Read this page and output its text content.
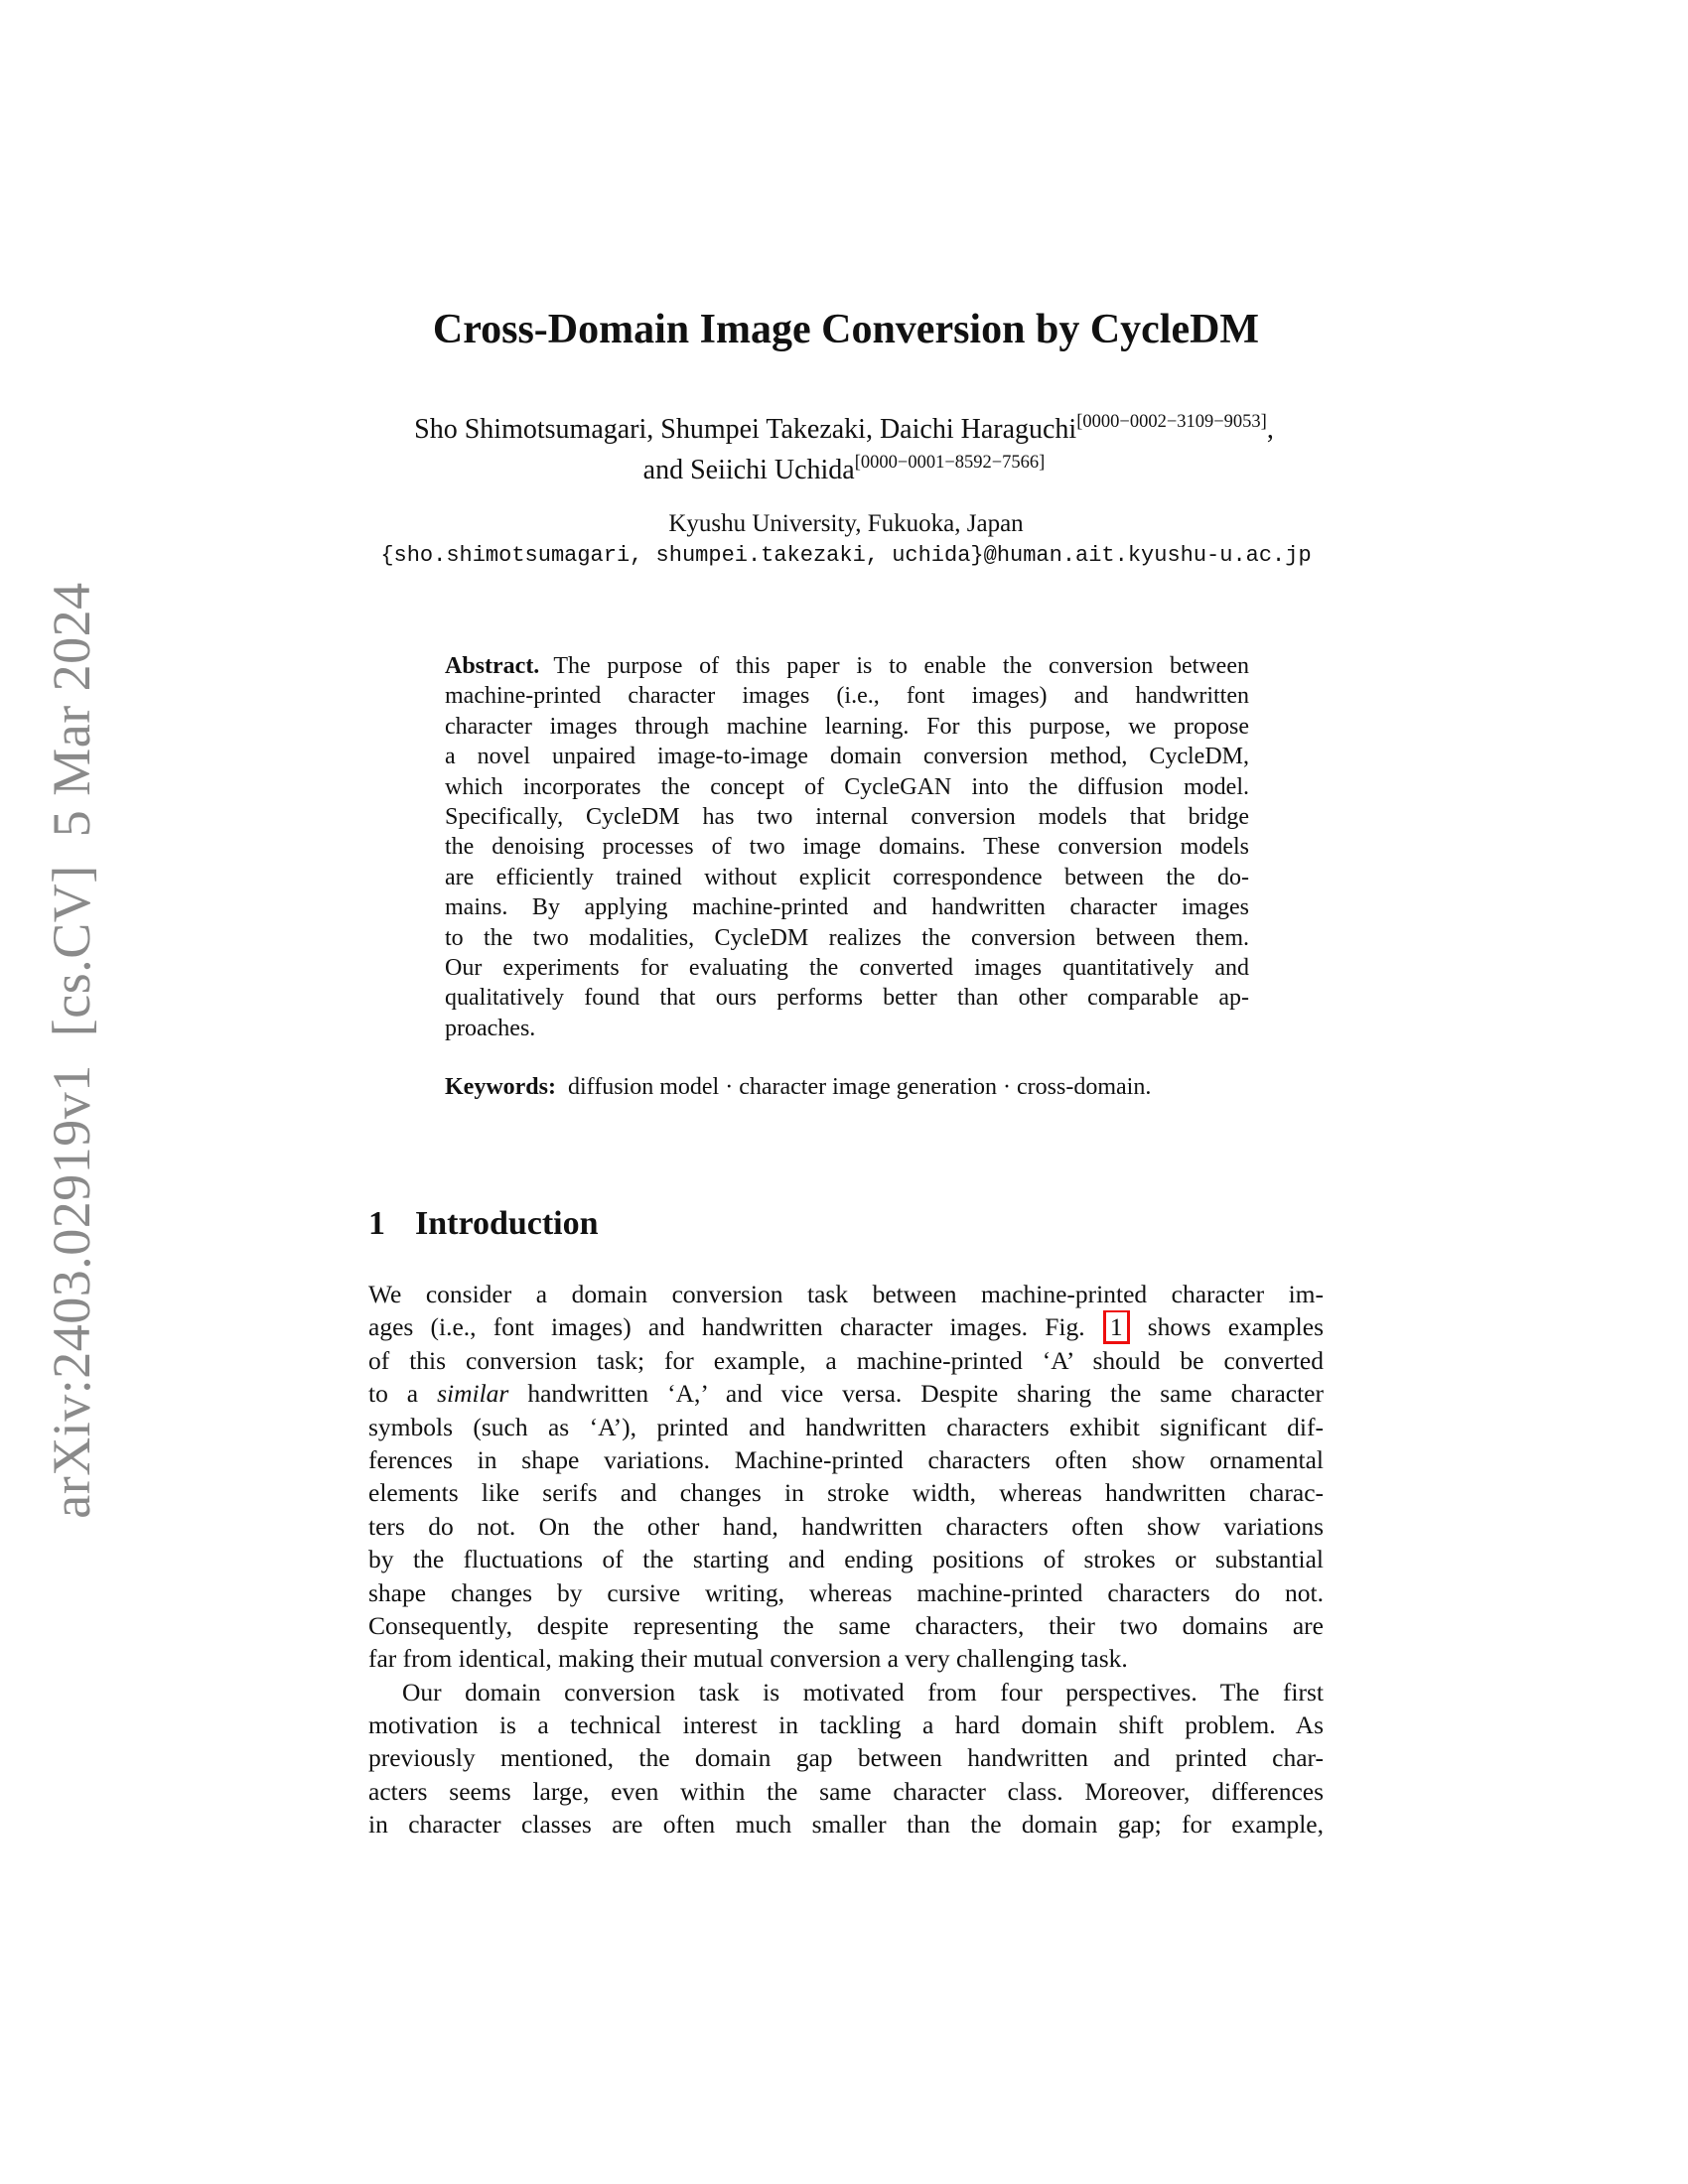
arXiv:2403.02919v1  [cs.CV]  5 Mar 2024
Cross-Domain Image Conversion by CycleDM
Sho Shimotsumagari, Shumpei Takezaki, Daichi Haraguchi[0000−0002−3109−9053],
and Seiichi Uchida[0000−0001−8592−7566]
Kyushu University, Fukuoka, Japan
{sho.shimotsumagari, shumpei.takezaki, uchida}@human.ait.kyushu-u.ac.jp
Abstract. The purpose of this paper is to enable the conversion between
machine-printed character images (i.e., font images) and handwritten
character images through machine learning. For this purpose, we propose
a novel unpaired image-to-image domain conversion method, CycleDM,
which incorporates the concept of CycleGAN into the diffusion model.
Specifically, CycleDM has two internal conversion models that bridge
the denoising processes of two image domains. These conversion models
are efficiently trained without explicit correspondence between the do-
mains. By applying machine-printed and handwritten character images
to the two modalities, CycleDM realizes the conversion between them.
Our experiments for evaluating the converted images quantitatively and
qualitatively found that ours performs better than other comparable ap-
proaches.
Keywords: diffusion model · character image generation · cross-domain.
1 Introduction
We consider a domain conversion task between machine-printed character im-
ages (i.e., font images) and handwritten character images. Fig. 1 shows examples
of this conversion task; for example, a machine-printed ‘A’ should be converted
to a similar handwritten ‘A,’ and vice versa. Despite sharing the same character
symbols (such as ‘A’), printed and handwritten characters exhibit significant dif-
ferences in shape variations. Machine-printed characters often show ornamental
elements like serifs and changes in stroke width, whereas handwritten charac-
ters do not. On the other hand, handwritten characters often show variations
by the fluctuations of the starting and ending positions of strokes or substantial
shape changes by cursive writing, whereas machine-printed characters do not.
Consequently, despite representing the same characters, their two domains are
far from identical, making their mutual conversion a very challenging task.
Our domain conversion task is motivated from four perspectives. The first
motivation is a technical interest in tackling a hard domain shift problem. As
previously mentioned, the domain gap between handwritten and printed char-
acters seems large, even within the same character class. Moreover, differences
in character classes are often much smaller than the domain gap; for example,
